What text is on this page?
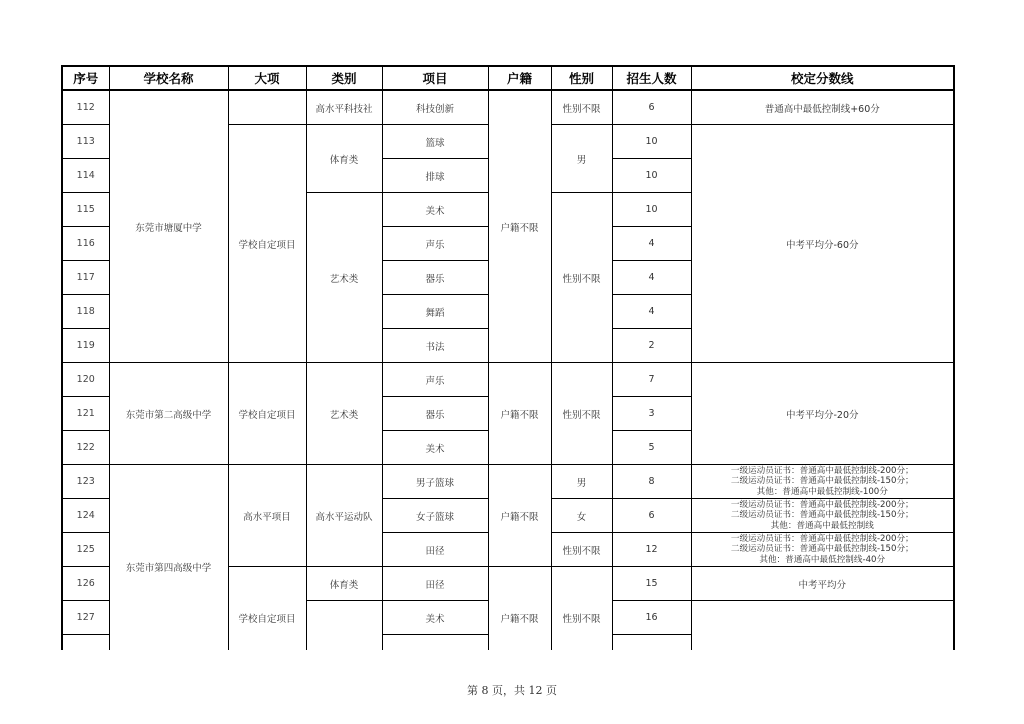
序号	学校名称	大项	类别	项目	户籍	性别	招生人数	校定分数线
112	东莞市塘厦中学		高水平科技社	科技创新	户籍不限	性别不限	6	普通高中最低控制线+60分
113		学校自定项目	体育类	篮球		男	10	中考平均分-60分
114				排球			10	
115			艺术类	美术		性别不限	10	
116				声乐			4	
117				器乐			4	
118				舞蹈			4	
119				书法			2	
120	东莞市第二高级中学	学校自定项目	艺术类	声乐	户籍不限	性别不限	7	中考平均分-20分
121				器乐			3	
122				美术			5	
123	东莞市第四高级中学	高水平项目	高水平运动队	男子篮球	户籍不限	男	8	一级运动员证书：普通高中最低控制线-200分；
二级运动员证书：普通高中最低控制线-150分；
其他：普通高中最低控制线-100分

124				女子篮球		女	6	一级运动员证书：普通高中最低控制线-200分；
二级运动员证书：普通高中最低控制线-150分；
其他：普通高中最低控制线

125				田径		性别不限	12	一级运动员证书：普通高中最低控制线-200分；
二级运动员证书：普通高中最低控制线-150分；
其他：普通高中最低控制线-40分

126		学校自定项目	体育类	田径	户籍不限	性别不限	15	中考平均分
127				美术			16	

第 8 页，共 12 页
